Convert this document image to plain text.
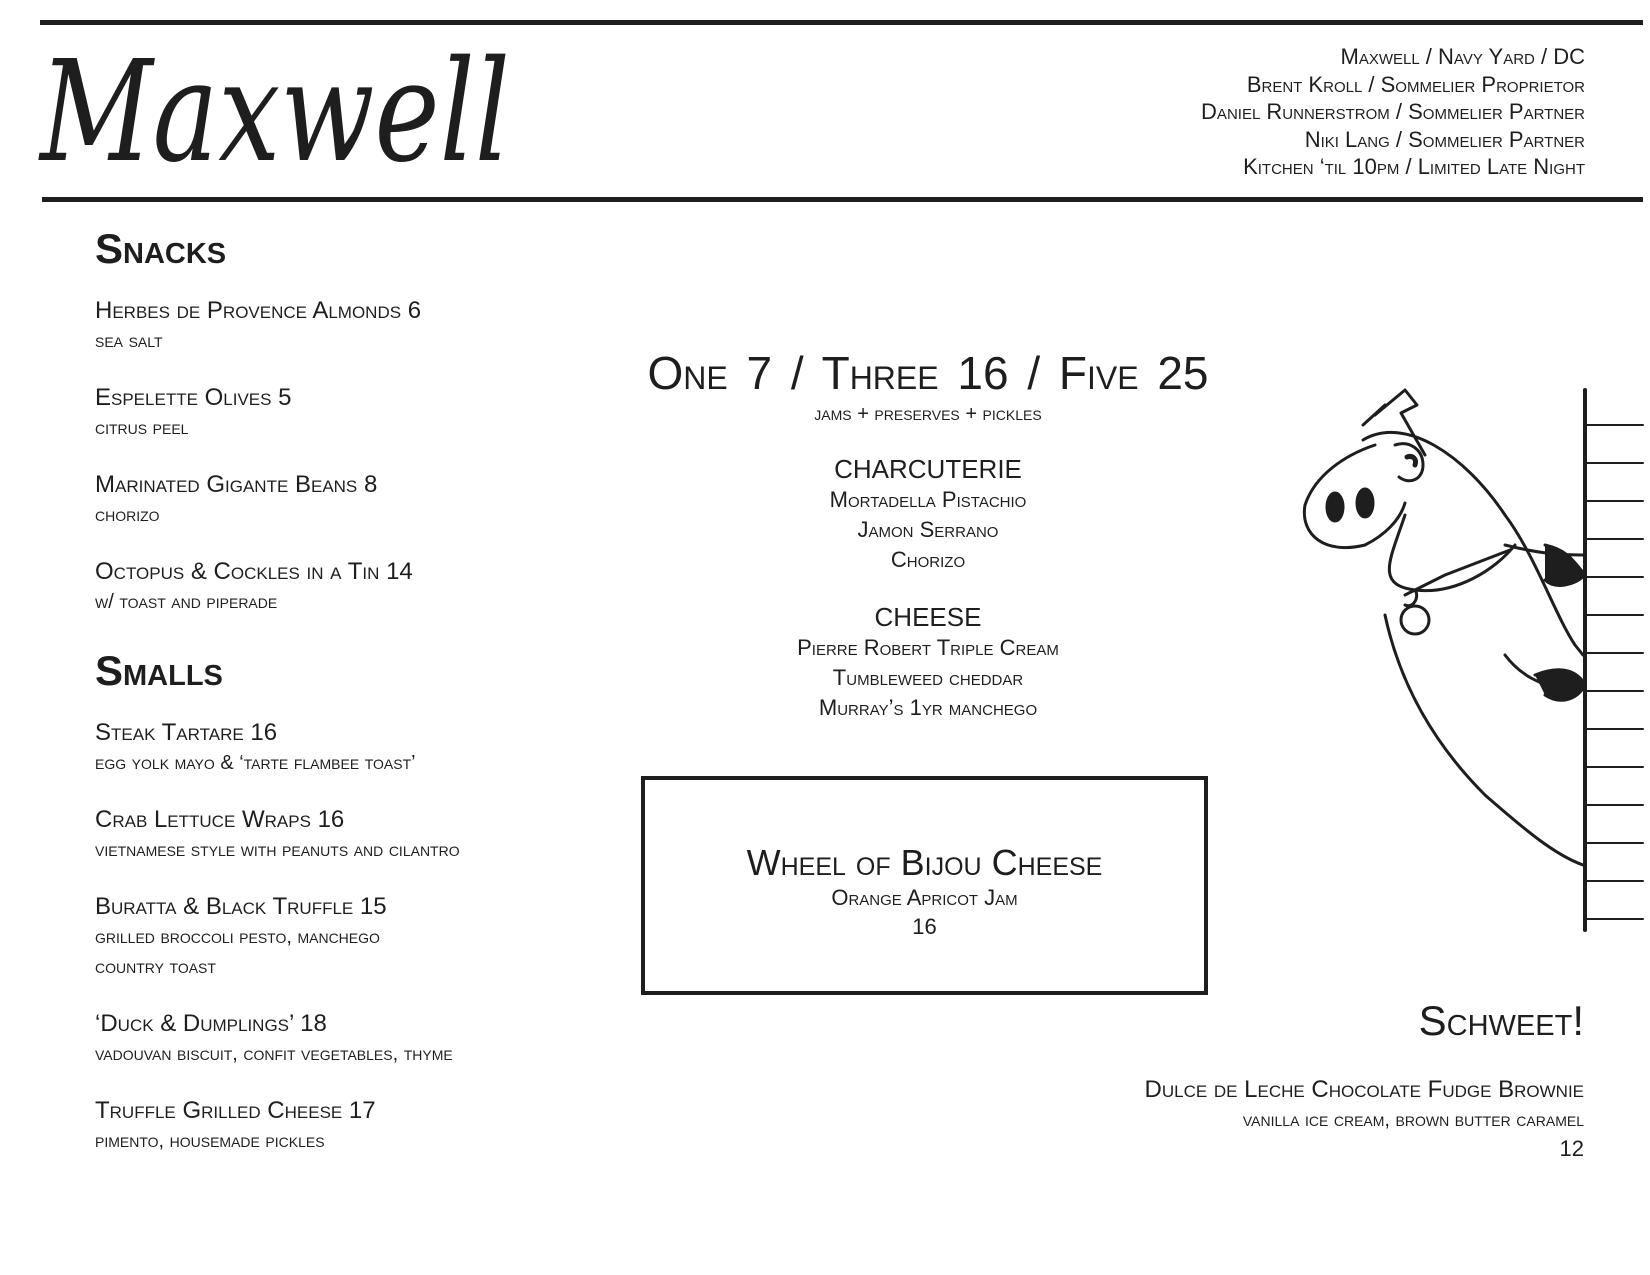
Maxwell	Maxwell / Navy Yard / DC
Brent Kroll / Sommelier Proprietor
Daniel Runnerstrom / Sommelier Partner
Niki Lang / Sommelier Partner
Kitchen ‘til 10pm / Limited Late Night
Snacks
Herbes de Provence Almonds 6
sea salt
Espelette Olives 5
citrus peel
Marinated Gigante Beans 8
chorizo
Octopus & Cockles in a Tin 14
w/ toast and piperade
Smalls
Steak Tartare 16
egg yolk mayo & ‘tarte flambee toast’
Crab Lettuce Wraps 16
vietnamese style with peanuts and cilantro
Buratta & Black Truffle 15
grilled broccoli pesto, manchego
country toast
‘Duck & Dumplings’ 18
vadouvan biscuit, confit vegetables, thyme
Truffle Grilled Cheese 17
pimento, housemade pickles
One 7 / Three 16 / Five 25
jams + preserves + pickles
CHARCUTERIE
Mortadella Pistachio
Jamon Serrano
Chorizo
CHEESE
Pierre Robert Triple Cream
Tumbleweed cheddar
Murray’s 1yr manchego
Wheel of Bijou Cheese
Orange Apricot Jam
16
Schweet!
Dulce de Leche Chocolate Fudge Brownie
vanilla ice cream, brown butter caramel
12
